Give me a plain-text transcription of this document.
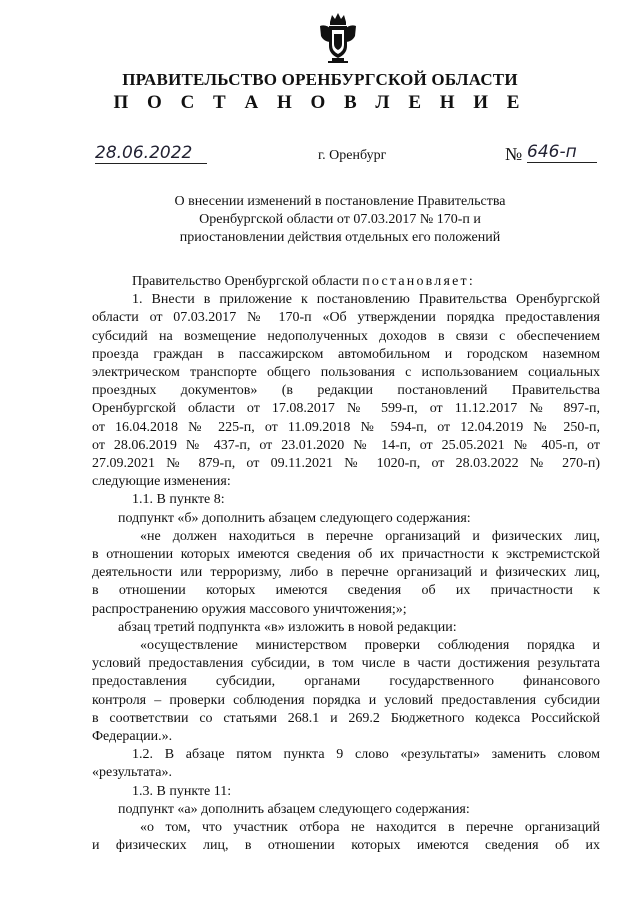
ПРАВИТЕЛЬСТВО ОРЕНБУРГСКОЙ ОБЛАСТИ
П О С Т А Н О В Л Е Н И Е
28.06.2022	г. Оренбург	№ 646-п
О внесении изменений в постановление Правительства
Оренбургской области от 07.03.2017 № 170-п и
приостановлении действия отдельных его положений
Правительство Оренбургской области постановляет:
1. Внести в приложение к постановлению Правительства Оренбургской
области от 07.03.2017 № 170-п «Об утверждении порядка предоставления
субсидий на возмещение недополученных доходов в связи с обеспечением
проезда граждан в пассажирском автомобильном и городском наземном
электрическом транспорте общего пользования с использованием социальных
проездных документов» (в редакции постановлений Правительства
Оренбургской области от 17.08.2017 № 599-п, от 11.12.2017 № 897-п,
от 16.04.2018 № 225-п, от 11.09.2018 № 594-п, от 12.04.2019 № 250-п,
от 28.06.2019 № 437-п, от 23.01.2020 № 14-п, от 25.05.2021 № 405-п, от
27.09.2021 № 879-п, от 09.11.2021 № 1020-п, от 28.03.2022 № 270-п)
следующие изменения:
1.1. В пункте 8:
подпункт «б» дополнить абзацем следующего содержания:
«не должен находиться в перечне организаций и физических лиц,
в отношении которых имеются сведения об их причастности к экстремистской
деятельности или терроризму, либо в перечне организаций и физических лиц,
в отношении которых имеются сведения об их причастности к
распространению оружия массового уничтожения;»;
абзац третий подпункта «в» изложить в новой редакции:
«осуществление министерством проверки соблюдения порядка и
условий предоставления субсидии, в том числе в части достижения результата
предоставления субсидии, органами государственного финансового
контроля – проверки соблюдения порядка и условий предоставления субсидии
в соответствии со статьями 268.1 и 269.2 Бюджетного кодекса Российской
Федерации.».
1.2. В абзаце пятом пункта 9 слово «результаты» заменить словом
«результата».
1.3. В пункте 11:
подпункт «а» дополнить абзацем следующего содержания:
«о том, что участник отбора не находится в перечне организаций
и физических лиц, в отношении которых имеются сведения об их
